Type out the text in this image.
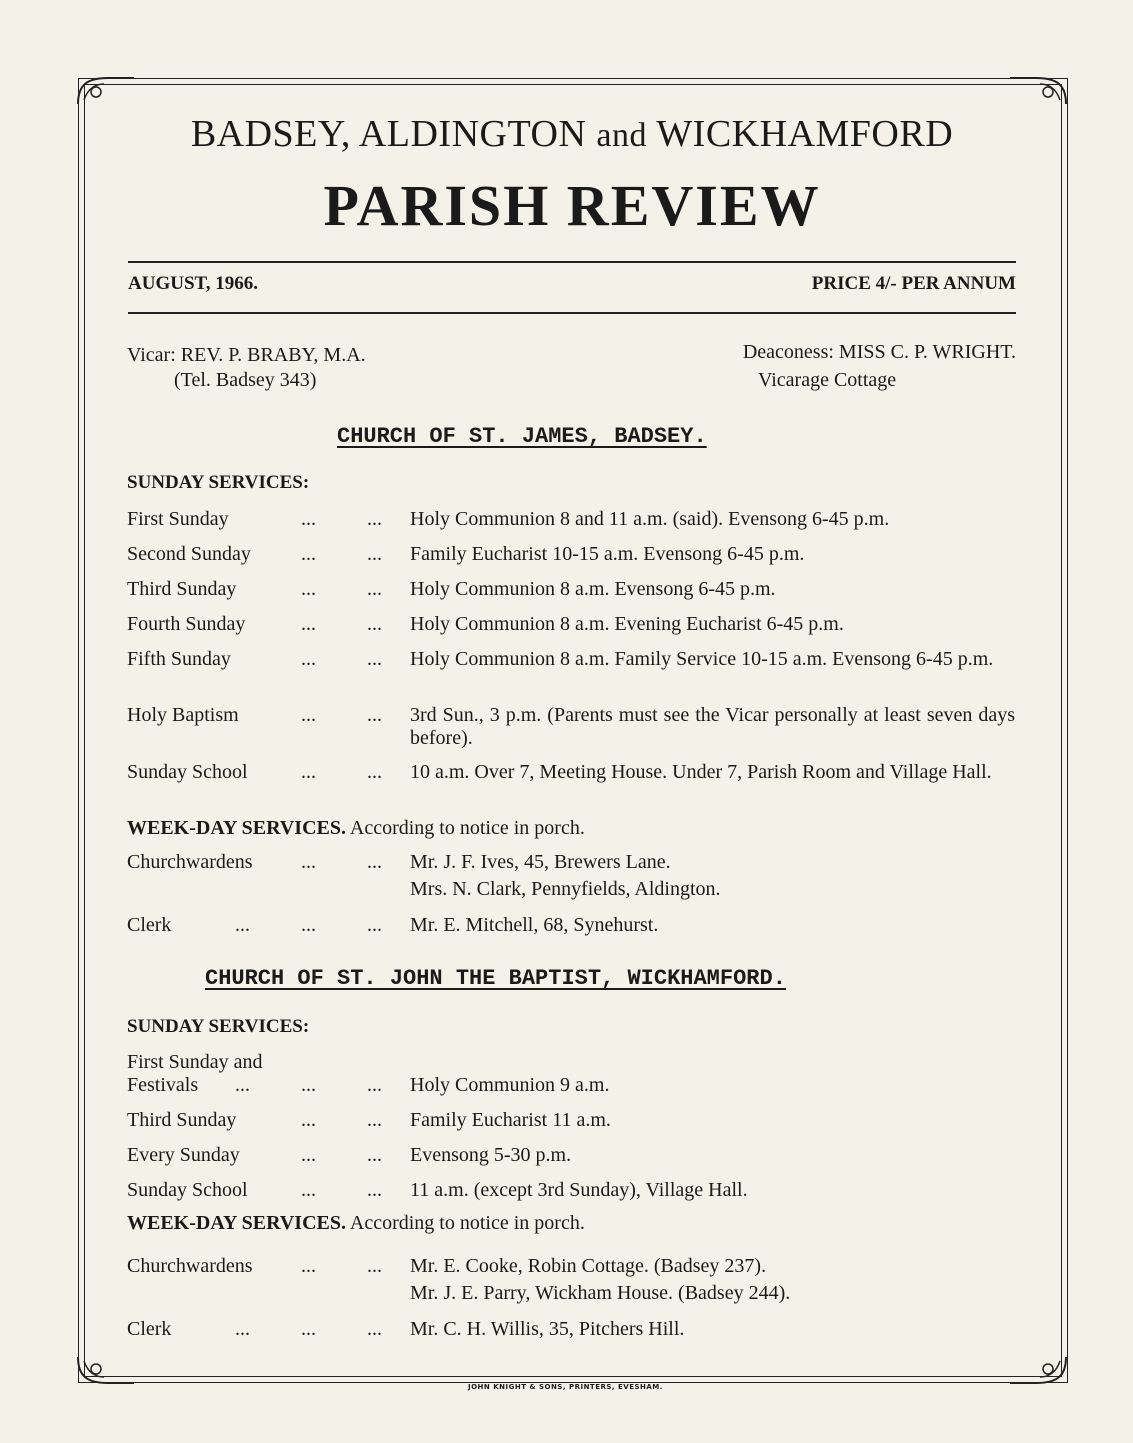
BADSEY, ALDINGTON and WICKHAMFORD
PARISH REVIEW
AUGUST, 1966.	PRICE 4/- PER ANNUM
Vicar: REV. P. BRABY, M.A.
(Tel. Badsey 343)
Deaconess: MISS C. P. WRIGHT.
Vicarage Cottage
CHURCH OF ST. JAMES, BADSEY.
SUNDAY SERVICES:
First Sunday	...	... Holy Communion 8 and 11 a.m. (said). Evensong 6-45 p.m.
Second Sunday	...	... Family Eucharist 10-15 a.m. Evensong 6-45 p.m.
Third Sunday	...	... Holy Communion 8 a.m. Evensong 6-45 p.m.
Fourth Sunday	...	... Holy Communion 8 a.m. Evening Eucharist 6-45 p.m.
Fifth Sunday	...	... Holy Communion 8 a.m. Family Service 10-15 a.m. Evensong 6-45 p.m.
Holy Baptism	...	... 3rd Sun., 3 p.m. (Parents must see the Vicar personally at least seven days before).
Sunday School	...	... 10 a.m. Over 7, Meeting House. Under 7, Parish Room and Village Hall.
WEEK-DAY SERVICES. According to notice in porch.
Churchwardens	...	... Mr. J. F. Ives, 45, Brewers Lane.
Mrs. N. Clark, Pennyfields, Aldington.
Clerk	...	...	... Mr. E. Mitchell, 68, Synehurst.
CHURCH OF ST. JOHN THE BAPTIST, WICKHAMFORD.
SUNDAY SERVICES:
First Sunday and
Festivals	...	...	... Holy Communion 9 a.m.
Third Sunday	...	... Family Eucharist 11 a.m.
Every Sunday	...	... Evensong 5-30 p.m.
Sunday School	...	... 11 a.m. (except 3rd Sunday), Village Hall.
WEEK-DAY SERVICES. According to notice in porch.
Churchwardens	...	... Mr. E. Cooke, Robin Cottage. (Badsey 237).
Mr. J. E. Parry, Wickham House. (Badsey 244).
Clerk	...	...	... Mr. C. H. Willis, 35, Pitchers Hill.
JOHN KNIGHT & SONS, PRINTERS, EVESHAM.
